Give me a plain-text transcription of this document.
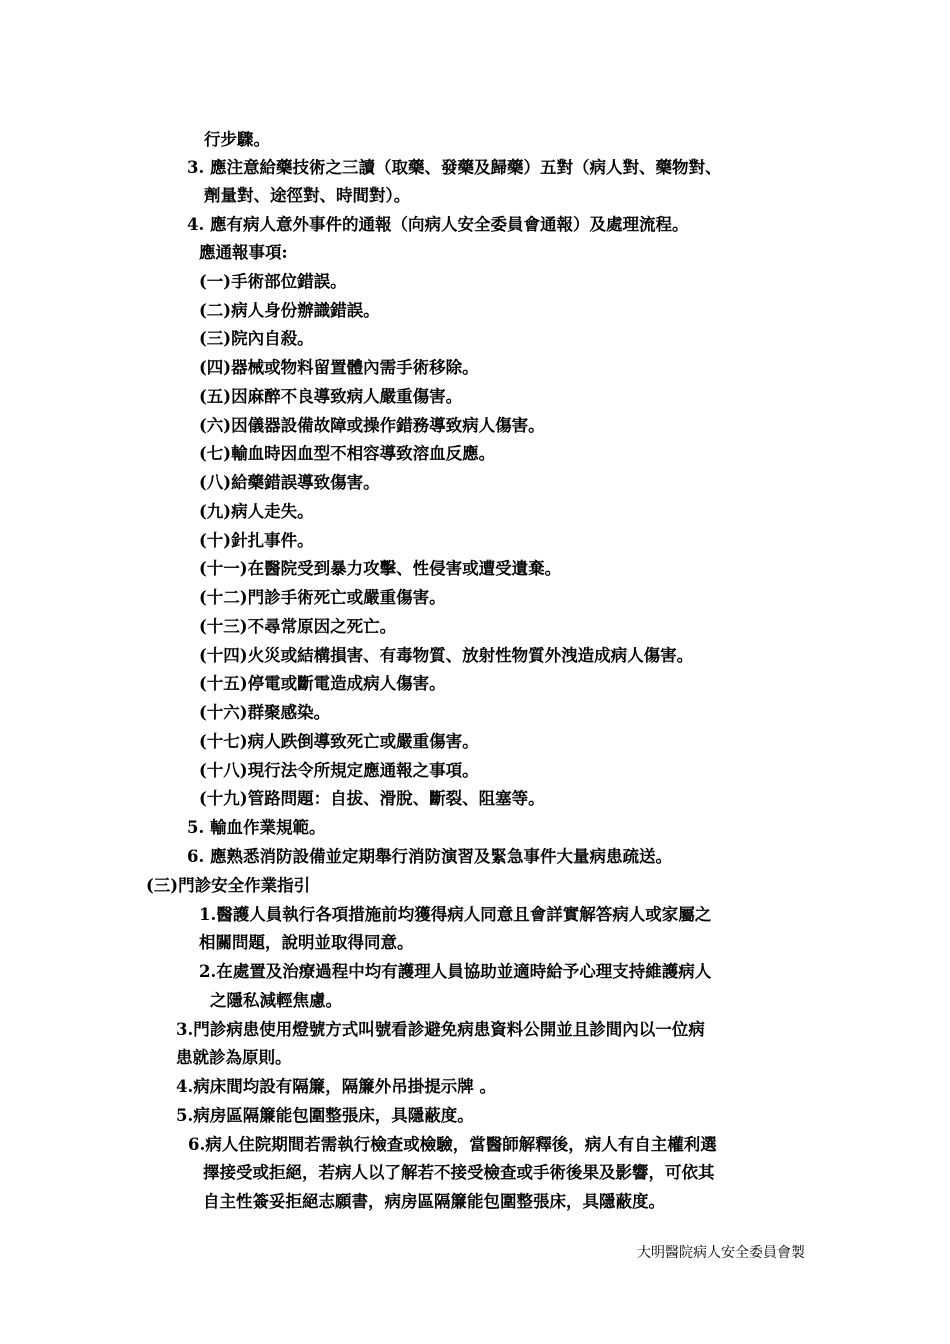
行步驟。
3. 應注意給藥技術之三讀（取藥、發藥及歸藥）五對（病人對、藥物對、
劑量對、途徑對、時間對）。
4. 應有病人意外事件的通報（向病人安全委員會通報）及處理流程。
應通報事項:
(一)手術部位錯誤。
(二)病人身份辦識錯誤。
(三)院內自殺。
(四)器械或物料留置體內需手術移除。
(五)因麻醉不良導致病人嚴重傷害。
(六)因儀器設備故障或操作錯務導致病人傷害。
(七)輸血時因血型不相容導致溶血反應。
(八)給藥錯誤導致傷害。
(九)病人走失。
(十)針扎事件。
(十一)在醫院受到暴力攻擊、性侵害或遭受遺棄。
(十二)門診手術死亡或嚴重傷害。
(十三)不尋常原因之死亡。
(十四)火災或結構損害、有毒物質、放射性物質外洩造成病人傷害。
(十五)停電或斷電造成病人傷害。
(十六)群聚感染。
(十七)病人跌倒導致死亡或嚴重傷害。
(十八)現行法令所規定應通報之事項。
(十九)管路問題：自拔、滑脫、斷裂、阻塞等。
5. 輸血作業規範。
6. 應熟悉消防設備並定期舉行消防演習及緊急事件大量病患疏送。
(三)門診安全作業指引
1.醫護人員執行各項措施前均獲得病人同意且會詳實解答病人或家屬之
相關問題，說明並取得同意。
2.在處置及治療過程中均有護理人員協助並適時給予心理支持維護病人
之隱私減輕焦慮。
3.門診病患使用燈號方式叫號看診避免病患資料公開並且診間內以一位病
患就診為原則。
4.病床間均設有隔簾，隔簾外吊掛提示牌 。
5.病房區隔簾能包圍整張床，具隱蔽度。
6.病人住院期間若需執行檢查或檢驗，當醫師解釋後，病人有自主權利選
擇接受或拒絕，若病人以了解若不接受檢查或手術後果及影響，可依其
自主性簽妥拒絕志願書，病房區隔簾能包圍整張床，具隱蔽度。
大明醫院病人安全委員會製
